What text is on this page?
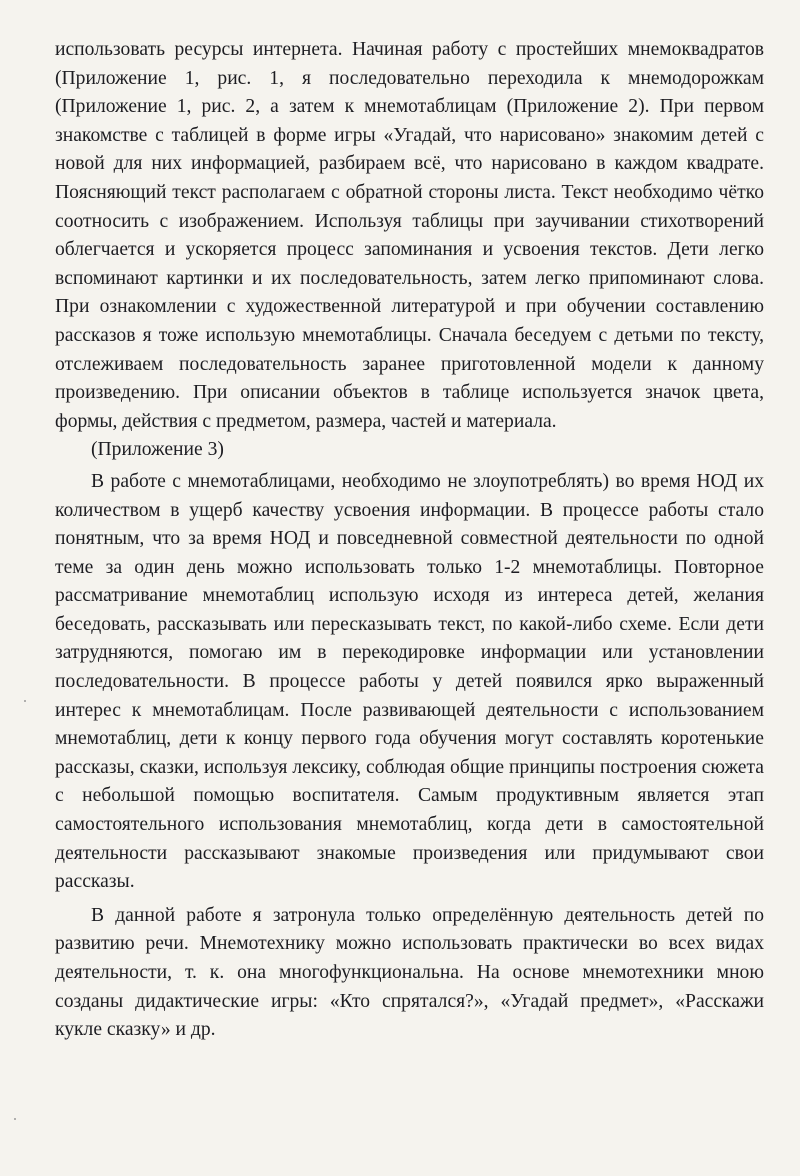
использовать ресурсы интернета. Начиная работу с простейших мнемоквадратов (Приложение 1, рис. 1, я последовательно переходила к мнемодорожкам (Приложение 1, рис. 2, а затем к мнемотаблицам (Приложение 2). При первом знакомстве с таблицей в форме игры «Угадай, что нарисовано» знакомим детей с новой для них информацией, разбираем всё, что нарисовано в каждом квадрате. Поясняющий текст располагаем с обратной стороны листа. Текст необходимо чётко соотносить с изображением. Используя таблицы при заучивании стихотворений облегчается и ускоряется процесс запоминания и усвоения текстов. Дети легко вспоминают картинки и их последовательность, затем легко припоминают слова. При ознакомлении с художественной литературой и при обучении составлению рассказов я тоже использую мнемотаблицы. Сначала беседуем с детьми по тексту, отслеживаем последовательность заранее приготовленной модели к данному произведению. При описании объектов в таблице используется значок цвета, формы, действия с предметом, размера, частей и материала.

(Приложение 3)

В работе с мнемотаблицами, необходимо не злоупотреблять) во время НОД их количеством в ущерб качеству усвоения информации. В процессе работы стало понятным, что за время НОД и повседневной совместной деятельности по одной теме за один день можно использовать только 1-2 мнемотаблицы. Повторное рассматривание мнемотаблиц использую исходя из интереса детей, желания беседовать, рассказывать или пересказывать текст, по какой-либо схеме. Если дети затрудняются, помогаю им в перекодировке информации или установлении последовательности. В процессе работы у детей появился ярко выраженный интерес к мнемотаблицам. После развивающей деятельности с использованием мнемотаблиц, дети к концу первого года обучения могут составлять коротенькие рассказы, сказки, используя лексику, соблюдая общие принципы построения сюжета с небольшой помощью воспитателя. Самым продуктивным является этап самостоятельного использования мнемотаблиц, когда дети в самостоятельной деятельности рассказывают знакомые произведения или придумывают свои рассказы.

В данной работе я затронула только определённую деятельность детей по развитию речи. Мнемотехнику можно использовать практически во всех видах деятельности, т. к. она многофункциональна. На основе мнемотехники мною созданы дидактические игры: «Кто спрятался?», «Угадай предмет», «Расскажи кукле сказку» и др.
